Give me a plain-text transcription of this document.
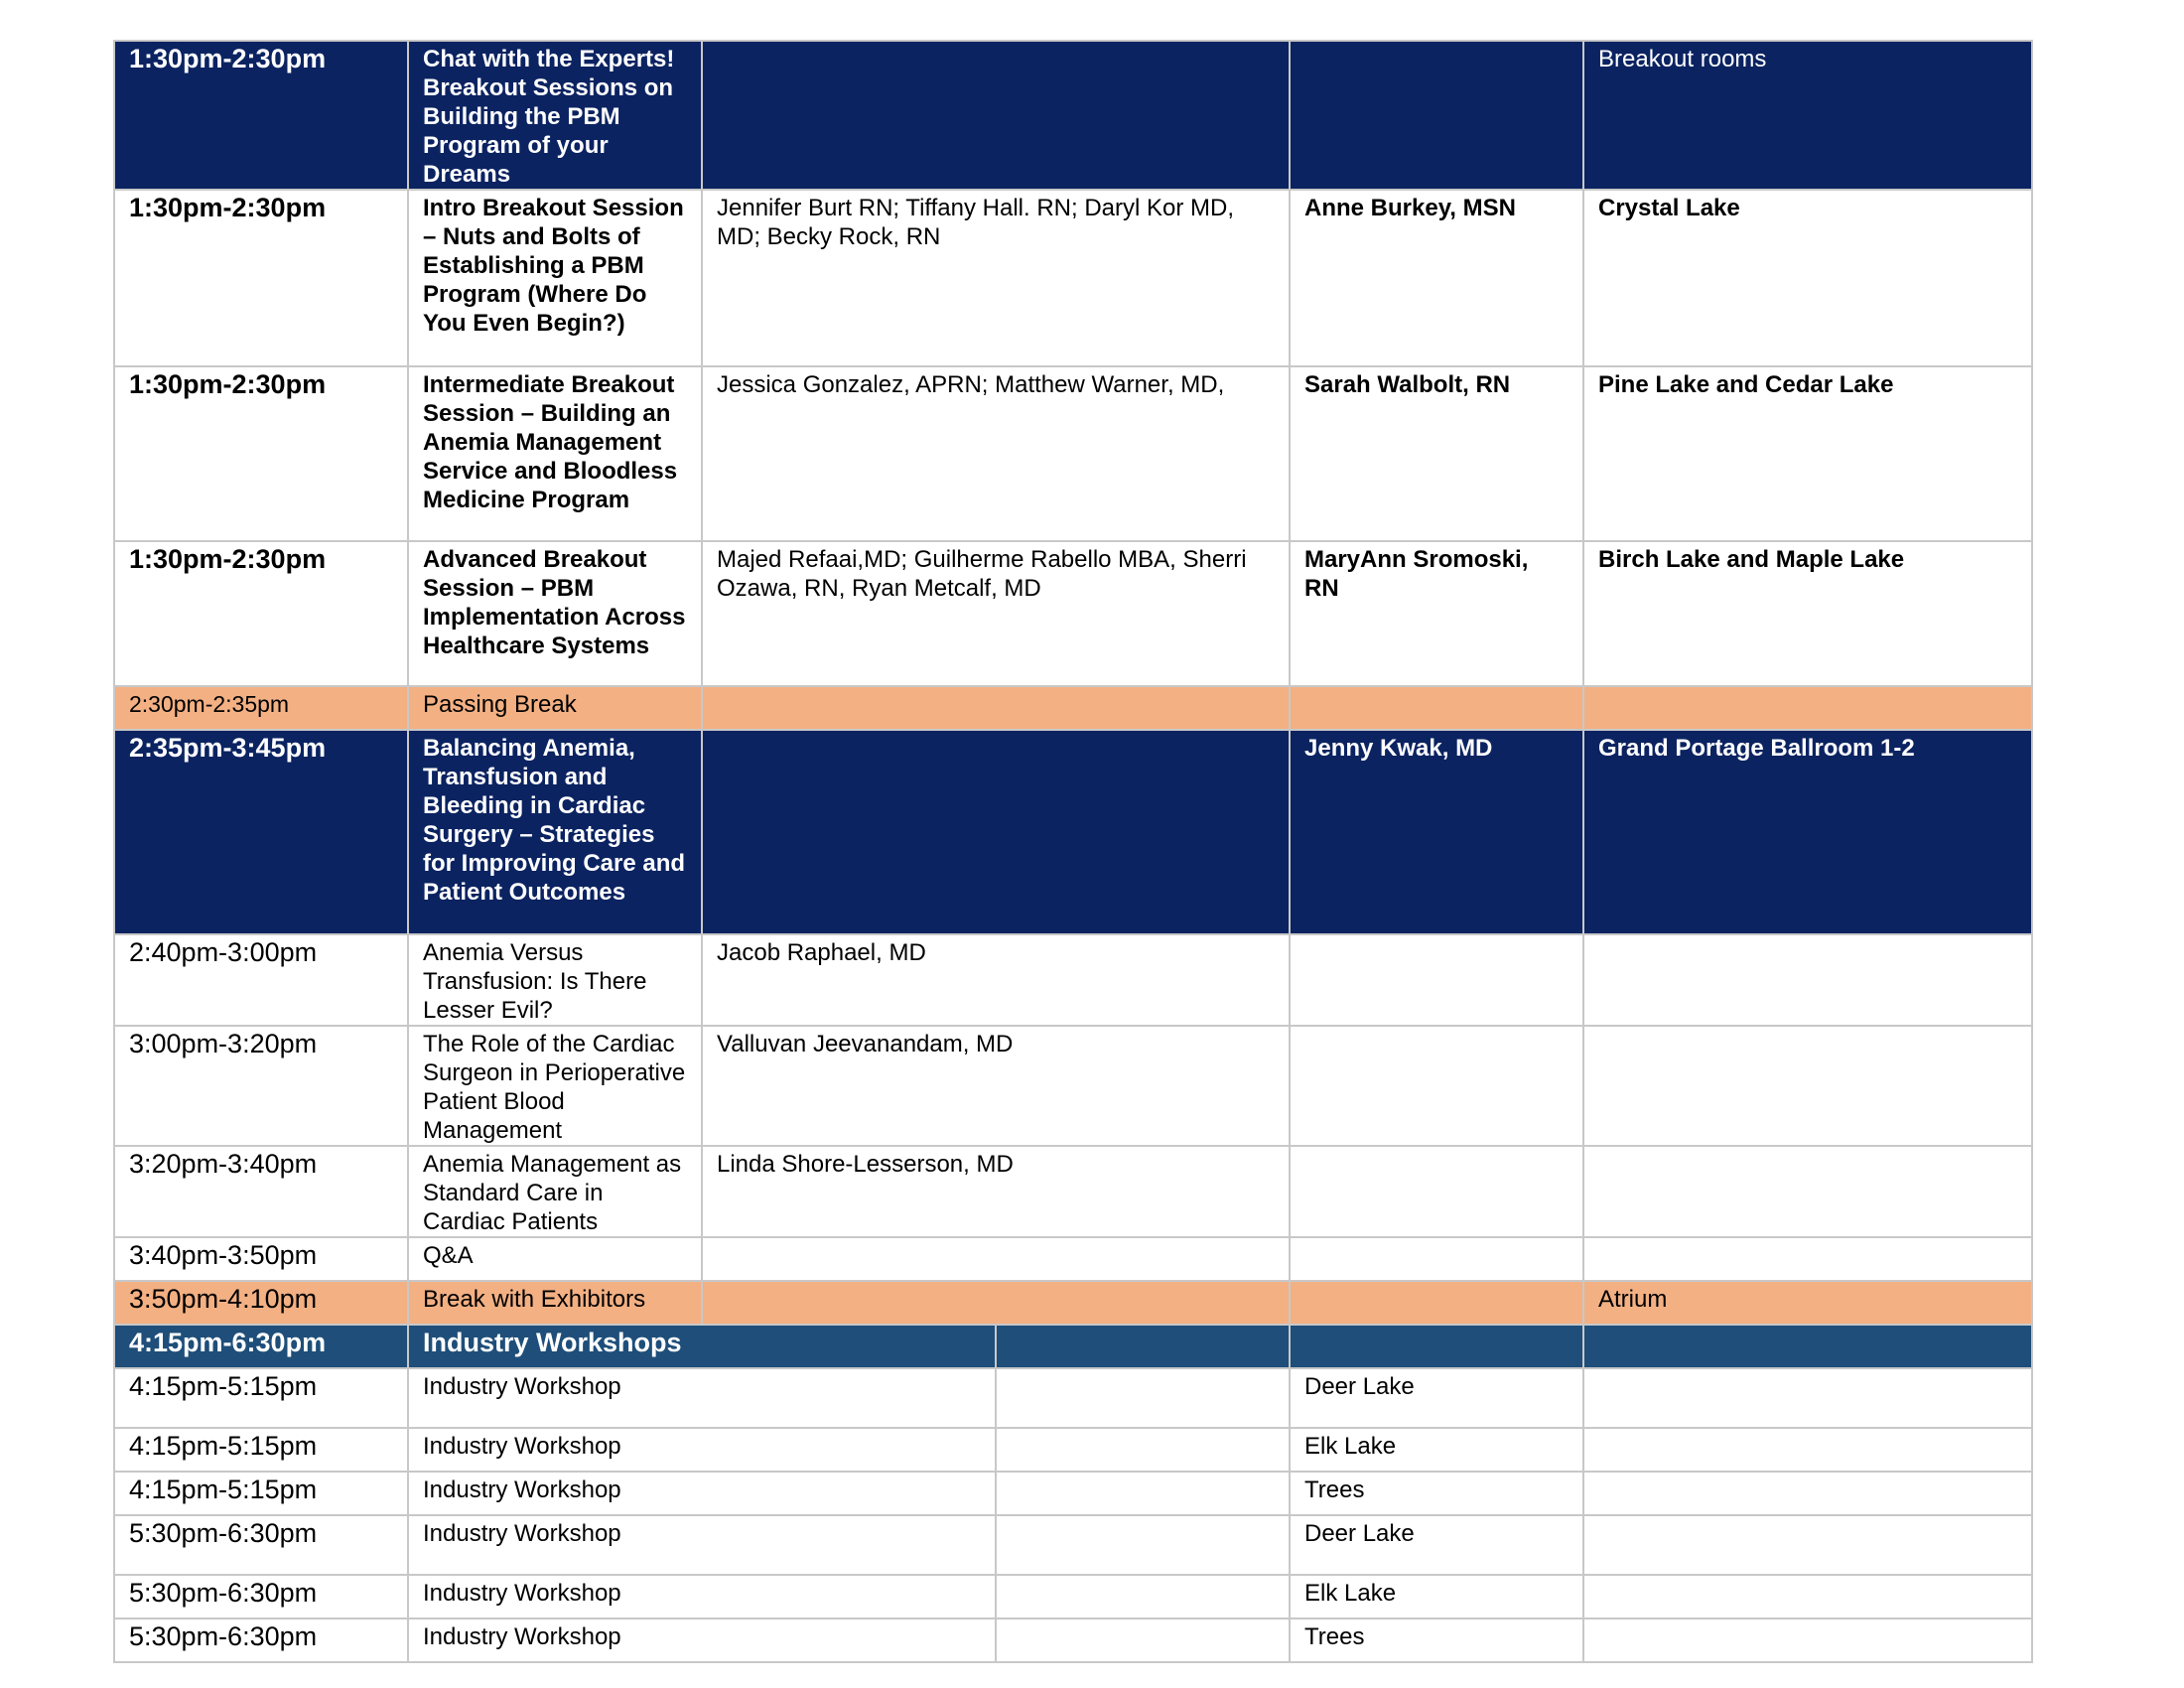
1:30pm-2:30pm	Chat with the Experts! Breakout Sessions on Building the PBM Program of your Dreams				Breakout rooms
1:30pm-2:30pm	Intro Breakout Session – Nuts and Bolts of Establishing a PBM Program (Where Do You Even Begin?)	Jennifer Burt RN; Tiffany Hall. RN; Daryl Kor MD, MD; Becky Rock, RN		Anne Burkey, MSN	Crystal Lake
1:30pm-2:30pm	Intermediate Breakout Session – Building an Anemia Management Service and Bloodless Medicine Program	Jessica Gonzalez, APRN; Matthew Warner, MD,		Sarah Walbolt, RN	Pine Lake and Cedar Lake
1:30pm-2:30pm	Advanced Breakout Session – PBM Implementation Across Healthcare Systems	Majed Refaai,MD; Guilherme Rabello MBA, Sherri Ozawa, RN, Ryan Metcalf, MD		MaryAnn Sromoski, RN	Birch Lake and Maple Lake
2:30pm-2:35pm	Passing Break				
2:35pm-3:45pm	Balancing Anemia, Transfusion and Bleeding in Cardiac Surgery – Strategies for Improving Care and Patient Outcomes			Jenny Kwak, MD	Grand Portage Ballroom 1-2
2:40pm-3:00pm	Anemia Versus Transfusion: Is There Lesser Evil?	Jacob Raphael, MD			
3:00pm-3:20pm	The Role of the Cardiac Surgeon in Perioperative Patient Blood Management	Valluvan Jeevanandam, MD			
3:20pm-3:40pm	Anemia Management as Standard Care in Cardiac Patients	Linda Shore-Lesserson, MD			
3:40pm-3:50pm	Q&A				
3:50pm-4:10pm	Break with Exhibitors				Atrium
4:15pm-6:30pm	Industry Workshops				
4:15pm-5:15pm	Industry Workshop			Deer Lake	
4:15pm-5:15pm	Industry Workshop			Elk Lake	
4:15pm-5:15pm	Industry Workshop			Trees	
5:30pm-6:30pm	Industry Workshop			Deer Lake	
5:30pm-6:30pm	Industry Workshop			Elk Lake	
5:30pm-6:30pm	Industry Workshop			Trees	
